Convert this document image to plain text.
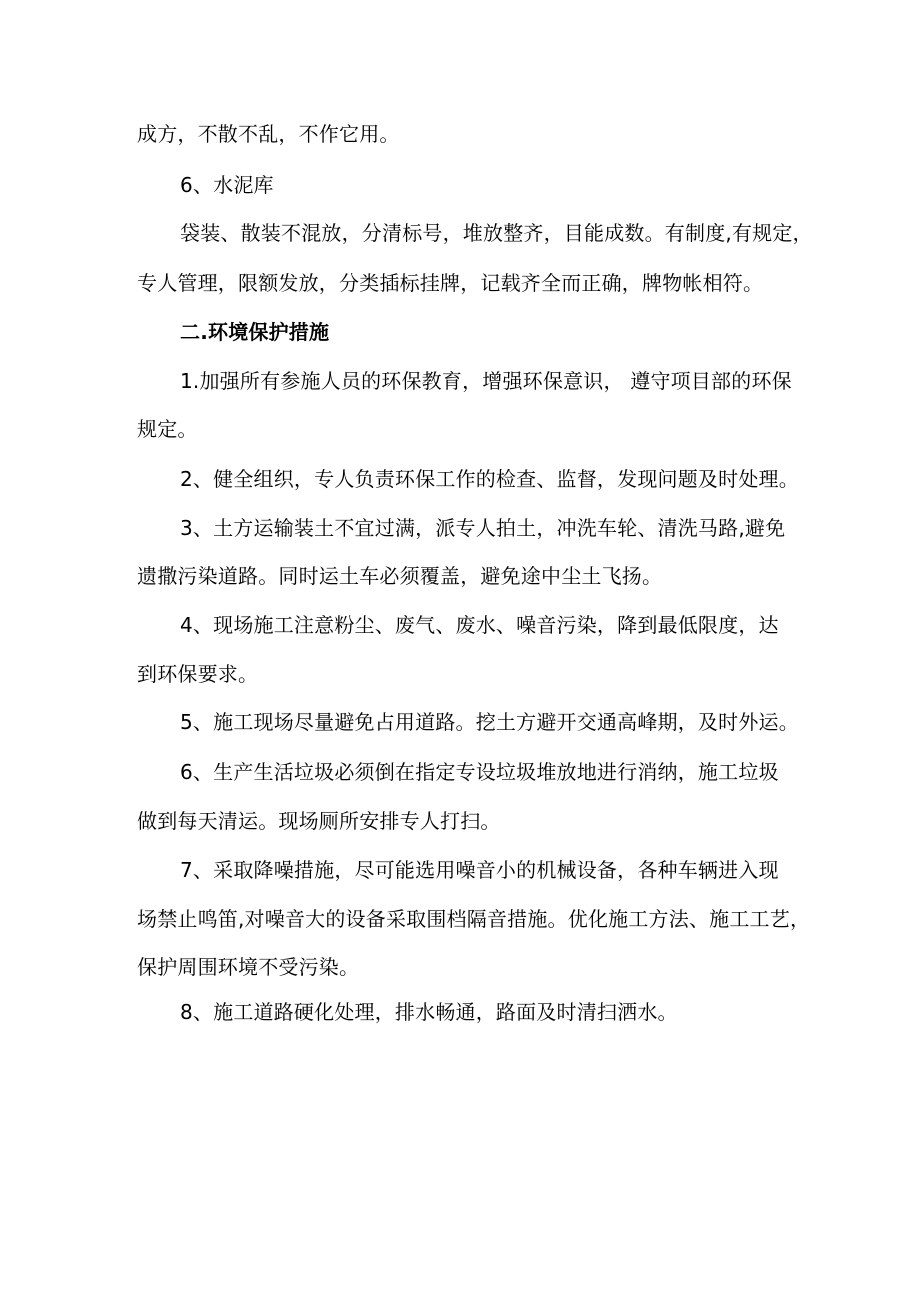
成方，不散不乱，不作它用。
6、水泥库
袋装、散装不混放，分清标号，堆放整齐，目能成数。有制度,有规定，
专人管理，限额发放，分类插标挂牌，记载齐全而正确，牌物帐相符。
二.环境保护措施
1.加强所有参施人员的环保教育，增强环保意识， 遵守项目部的环保
规定。
2、健全组织，专人负责环保工作的检查、监督，发现问题及时处理。
3、土方运输装土不宜过满，派专人拍土，冲洗车轮、清洗马路,避免
遗撒污染道路。同时运土车必须覆盖，避免途中尘土飞扬。
4、现场施工注意粉尘、废气、废水、噪音污染，降到最低限度，达
到环保要求。
5、施工现场尽量避免占用道路。挖土方避开交通高峰期，及时外运。
6、生产生活垃圾必须倒在指定专设垃圾堆放地进行消纳，施工垃圾
做到每天清运。现场厕所安排专人打扫。
7、采取降噪措施，尽可能选用噪音小的机械设备，各种车辆进入现
场禁止鸣笛,对噪音大的设备采取围档隔音措施。优化施工方法、施工工艺，
保护周围环境不受污染。
8、施工道路硬化处理，排水畅通，路面及时清扫洒水。
